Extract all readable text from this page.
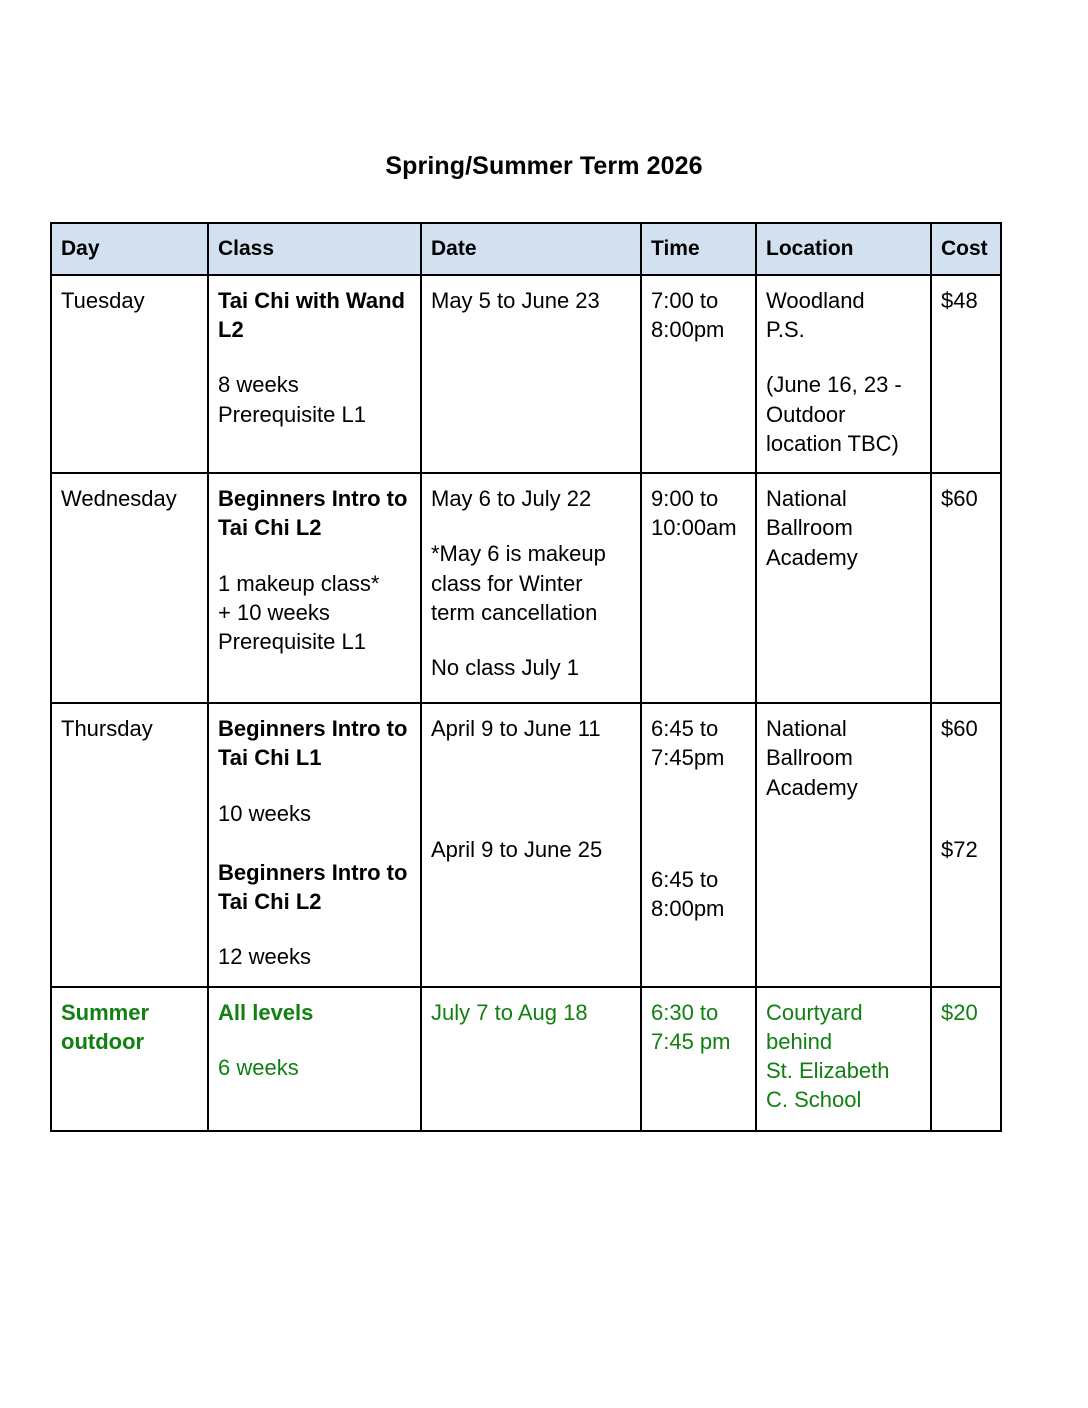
Spring/Summer Term 2026
Day	Class	Date	Time	Location	Cost

Tuesday	Tai Chi with Wand L2
8 weeks
Prerequisite L1	May 5 to June 23	7:00 to
8:00pm	Woodland
P.S.
(June 16, 23 -
Outdoor
location TBC)	$48

Wednesday	Beginners Intro to Tai Chi L2
1 makeup class*
+ 10 weeks
Prerequisite L1	May 6 to July 22
*May 6 is makeup class for Winter term cancellation
No class July 1	9:00 to
10:00am	National
Ballroom
Academy	$60

Thursday	Beginners Intro to Tai Chi L1
10 weeks
Beginners Intro to Tai Chi L2
12 weeks	April 9 to June 11
April 9 to June 25	6:45 to
7:45pm
6:45 to
8:00pm	National
Ballroom
Academy	$60
$72

Summer
outdoor	All levels
6 weeks	July 7 to Aug 18	6:30 to
7:45 pm	Courtyard
behind
St. Elizabeth
C. School	$20
